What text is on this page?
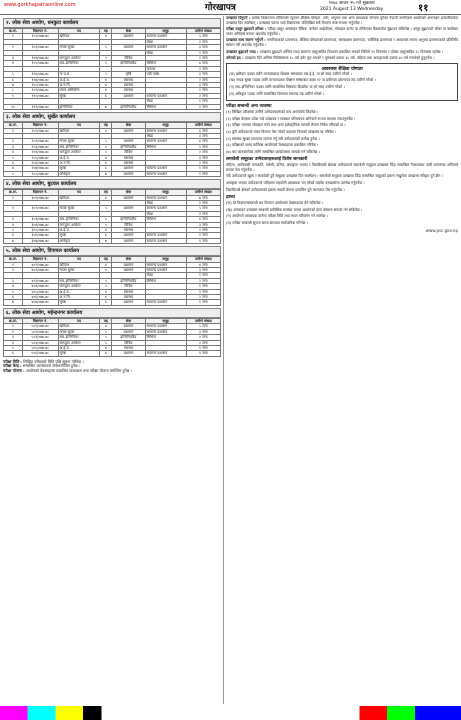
www.gorkhapatraonline.com	गोरखापत्र	२०७८ साउन २५ गते सुक्रबार
2021 August 13 Wednesday	११
२. लोक सेवा आयोग, धनकुटा कार्यालय
क्र.सं.	विज्ञापन नं.	पद	तह	सेवा	समूह	उत्तीर्ण संख्या
१	१०२/०७७-७८	खरिदार	४	प्रशासन	सामान्य प्रशासन	५ जना
					लेखा	२ जना
२	१०३/०७७-७८	नायब सुब्बा	५	प्रशासन	सामान्य प्रशासन	३ जना
					लेखा	१ जना
३	१०४/०७७-७८	कम्प्युटर अपरेटर	५	विविध		२ जना
४	१०५/०७७-७८	सब–इन्जिनियर	५	इन्जिनियरिङ	सिभिल	४ जना
					जनरल	२ जना
५	१०६/०७७-७८	ना.प्र.स.	५	कृषि	एग्री एक्स.	३ जना
६	१०७/०७७-७८	अ.हे.ब.	४	स्वास्थ्य		२ जना
७	१०८/०७७-७८	अ.न.मि.	४	स्वास्थ्य		३ जना
८	१०९/०७७-७८	ल्याब असिस्टेन्ट	४	स्वास्थ्य		१ जना
९	११०/०७७-७८	सुब्बा	६	प्रशासन	सामान्य प्रशासन	२ जना
					लेखा	१ जना
१०	१११/०७७-७८	इन्जिनियर	७	इन्जिनियरिङ	सिभिल	२ जना
३. लोक सेवा आयोग, सुर्खेत कार्यालय
क्र.सं.	विज्ञापन नं.	पद	तह	सेवा	समूह	उत्तीर्ण संख्या
१	२०१/०७७-७८	खरिदार	४	प्रशासन	सामान्य प्रशासन	६ जना
					लेखा	३ जना
२	२०२/०७७-७८	नायब सुब्बा	५	प्रशासन	सामान्य प्रशासन	४ जना
३	२०३/०७७-७८	सब–इन्जिनियर	५	इन्जिनियरिङ	सिभिल	५ जना
४	२०४/०७७-७८	कम्प्युटर अपरेटर	५	विविध		२ जना
५	२०५/०७७-७८	अ.हे.ब.	४	स्वास्थ्य		३ जना
६	२०६/०७७-७८	अ.न.मि.	४	स्वास्थ्य		२ जना
७	२०७/०७७-७८	सुब्बा	६	प्रशासन	सामान्य प्रशासन	१ जना
८	२०८/०७७-७८	अधिकृत	७	प्रशासन	सामान्य प्रशासन	१ जना
४. लोक सेवा आयोग, बुटवल कार्यालय
क्र.सं.	विज्ञापन नं.	पद	तह	सेवा	समूह	उत्तीर्ण संख्या
१	३०१/०७७-७८	खरिदार	४	प्रशासन	सामान्य प्रशासन	७ जना
					लेखा	२ जना
२	३०२/०७७-७८	नायब सुब्बा	५	प्रशासन	सामान्य प्रशासन	५ जना
					लेखा	२ जना
३	३०३/०७७-७८	सब–इन्जिनियर	५	इन्जिनियरिङ	सिभिल	४ जना
४	३०४/०७७-७८	कम्प्युटर अपरेटर	५	विविध		३ जना
५	३०५/०७७-७८	अ.हे.ब.	४	स्वास्थ्य		२ जना
६	३०६/०७७-७८	सुब्बा	६	प्रशासन	सामान्य प्रशासन	२ जना
७	३०७/०७७-७८	अधिकृत	७	प्रशासन	सामान्य प्रशासन	१ जना
५. लोक सेवा आयोग, दिपायल कार्यालय
क्र.सं.	विज्ञापन नं.	पद	तह	सेवा	समूह	उत्तीर्ण संख्या
१	४०१/०७७-७८	खरिदार	४	प्रशासन	सामान्य प्रशासन	४ जना
२	४०२/०७७-७८	नायब सुब्बा	५	प्रशासन	सामान्य प्रशासन	३ जना
					लेखा	१ जना
३	४०३/०७७-७८	सब–इन्जिनियर	५	इन्जिनियरिङ	सिभिल	२ जना
४	४०४/०७७-७८	कम्प्युटर अपरेटर	५	विविध		१ जना
५	४०५/०७७-७८	अ.हे.ब.	४	स्वास्थ्य		२ जना
६	४०६/०७७-७८	अ.न.मि.	४	स्वास्थ्य		२ जना
७	४०७/०७७-७८	सुब्बा	६	प्रशासन	सामान्य प्रशासन	१ जना
६. लोक सेवा आयोग, महेन्द्रनगर कार्यालय
क्र.सं.	विज्ञापन नं.	पद	तह	सेवा	समूह	उत्तीर्ण संख्या
१	५०१/०७७-७८	खरिदार	४	प्रशासन	सामान्य प्रशासन	५ जना
२	५०२/०७७-७८	नायब सुब्बा	५	प्रशासन	सामान्य प्रशासन	३ जना
३	५०३/०७७-७८	सब–इन्जिनियर	५	इन्जिनियरिङ	सिभिल	२ जना
४	५०४/०७७-७८	कम्प्युटर अपरेटर	५	विविध		२ जना
५	५०५/०७७-७८	अ.हे.ब.	४	स्वास्थ्य		१ जना
६	५०६/०७७-७८	सुब्बा	६	प्रशासन	सामान्य प्रशासन	१ जना
परीक्षा मिति : लिखित परीक्षाको मिति पछि सूचना गरिनेछ ।
परीक्षा केन्द्र : सम्बन्धित कार्यालयले तोकेबमोजिम हुनेछ ।
परीक्षा योजना : आयोगको वेबसाइटमा प्रकाशित पाठ्यक्रम तथा परीक्षा योजना बमोजिम हुनेछ ।

दरखास्त दिनुपर्ने : प्रत्येक विज्ञापनमा तोकिएको न्यूनतम शैक्षिक योग्यता, उमेर, अनुभव तथा अन्य आवश्यक योग्यता पुगेका नेपाली नागरिकले आयोगको अनलाइन प्रणालीमार्फत दरखास्त दिन सक्नेछन् । दरखास्त फारम भर्दा विज्ञापनमा उल्लिखित सबै विवरण स्पष्ट रूपमा भर्नुपर्नेछ ।

परीक्षा दस्तुर बुझाउने तरिका : परीक्षा दस्तुर अनलाइन बैंकिङ, कनेक्ट आईपीएस, मोबाइल वालेट वा तोकिएका बैंकमार्फत बुझाउन सकिनेछ । दस्तुर बुझाएको भौचर वा कारोबार नम्बर अनिवार्य रूपमा अपलोड गर्नुपर्नेछ ।

दरखास्त साथ संलग्न गर्नुपर्ने : नागरिकताको प्रमाणपत्र, शैक्षिक योग्यताको प्रमाणपत्र, समकक्षता प्रमाणपत्र, चारित्रिक प्रमाणपत्र र आवश्यक भएमा अनुभव प्रमाणपत्रको प्रतिलिपि स्क्यान गरी अपलोड गर्नुपर्नेछ ।

दरखास्त बुझाउने म्याद : दरखास्त बुझाउने अन्तिम म्याद सामान्य दस्तुरसहित विज्ञापन प्रकाशित भएको मितिले २१ दिनसम्म र दोब्बर दस्तुरसहित २८ दिनसम्म रहनेछ ।

उमेरको हद : दरखास्त दिने अन्तिम मितिसम्ममा १८ वर्ष उमेर पूरा भएको र पुरुषको हकमा ३५ वर्ष, महिला तथा अपाङ्गताको हकमा ४० वर्ष ननाघेको हुनुपर्नेछ ।

आवश्यक शैक्षिक योग्यता

(क) खरिदार पदका लागि मान्यताप्राप्त शिक्षण संस्थाबाट एस.ई.ई. वा सो सरह उत्तीर्ण गरेको ।

(ख) नायब सुब्बा पदका लागि मान्यताप्राप्त शिक्षण संस्थाबाट कक्षा १२ वा प्रवीणता प्रमाणपत्र तह उत्तीर्ण गरेको ।

(ग) सब–इन्जिनियर पदका लागि सम्बन्धित विषयमा डिप्लोमा वा सो सरह उत्तीर्ण गरेको ।

(घ) अधिकृत पदका लागि सम्बन्धित विषयमा स्नातक तह उत्तीर्ण गरेको ।

परीक्षा सम्बन्धी अन्य व्यवस्था

(१) लिखित परीक्षामा उत्तीर्ण उम्मेदवारहरूको मात्र अन्तर्वार्ता लिइनेछ ।

(२) परीक्षा केन्द्रमा प्रवेश गर्दा प्रवेशपत्र र सक्कल परिचयपत्र अनिवार्य रूपमा साथमा ल्याउनुपर्नेछ ।

(३) परीक्षा भवनमा मोबाइल फोन तथा अन्य इलेक्ट्रोनिक सामग्री लैजान निषेध गरिएको छ ।

(४) कुनै उम्मेदवारले गलत विवरण पेस गरेको पाइएमा निजको दरखास्त रद्द गरिनेछ ।

(५) स्वास्थ्य सुरक्षा मापदण्ड पालना गर्नु सबै उम्मेदवारको कर्तव्य हुनेछ ।

(६) परीक्षाको समय तालिका आयोगको वेबसाइटमा प्रकाशित गरिनेछ ।

(७) थप जानकारीका लागि सम्बन्धित कार्यालयमा सम्पर्क गर्न सकिनेछ ।

समावेशी समूहका उम्मेदवारहरूलाई विशेष जानकारी

महिला, आदिवासी जनजाति, मधेसी, दलित, अपाङ्गता भएका र पिछडिएको क्षेत्रका उम्मेदवारले समावेशी समूहमा दरखास्त दिँदा सम्बन्धित निकायबाट जारी प्रमाणपत्र अनिवार्य रूपमा पेस गर्नुपर्नेछ ।

एकै उम्मेदवारले खुला र समावेशी दुवै समूहमा दरखास्त दिन सक्नेछन् । समावेशी समूहमा दरखास्त दिँदा सम्बन्धित समूहको प्रमाण नखुलेमा दरखास्त स्वीकृत हुने छैन ।

अपाङ्गता भएका उम्मेदवारले परीक्षामा सहयोगी आवश्यक भए सोको व्यहोरा दरखास्तमा उल्लेख गर्नुपर्नेछ ।

पिछडिएको क्षेत्रको उम्मेदवारको हकमा स्थायी ठेगाना प्रमाणित हुने कागजात पेस गर्नुपर्नेछ ।

द्रष्टव्य

(क) यो विज्ञापनसम्बन्धी थप विवरण आयोगको वेबसाइटमा हेर्न सकिनेछ ।

(ख) अनलाइन दरखास्त सम्बन्धी प्राविधिक समस्या भएमा आयोगको हेल्प डेस्कमा सम्पर्क गर्न सकिनेछ ।

(ग) आयोगले आवश्यक ठानेमा परीक्षा मिति तथा स्थान परिवर्तन गर्न सक्नेछ ।

(घ) परीक्षा सम्बन्धी सूचना समय समयमा सार्वजनिक गरिनेछ ।

www.psc.gov.np
